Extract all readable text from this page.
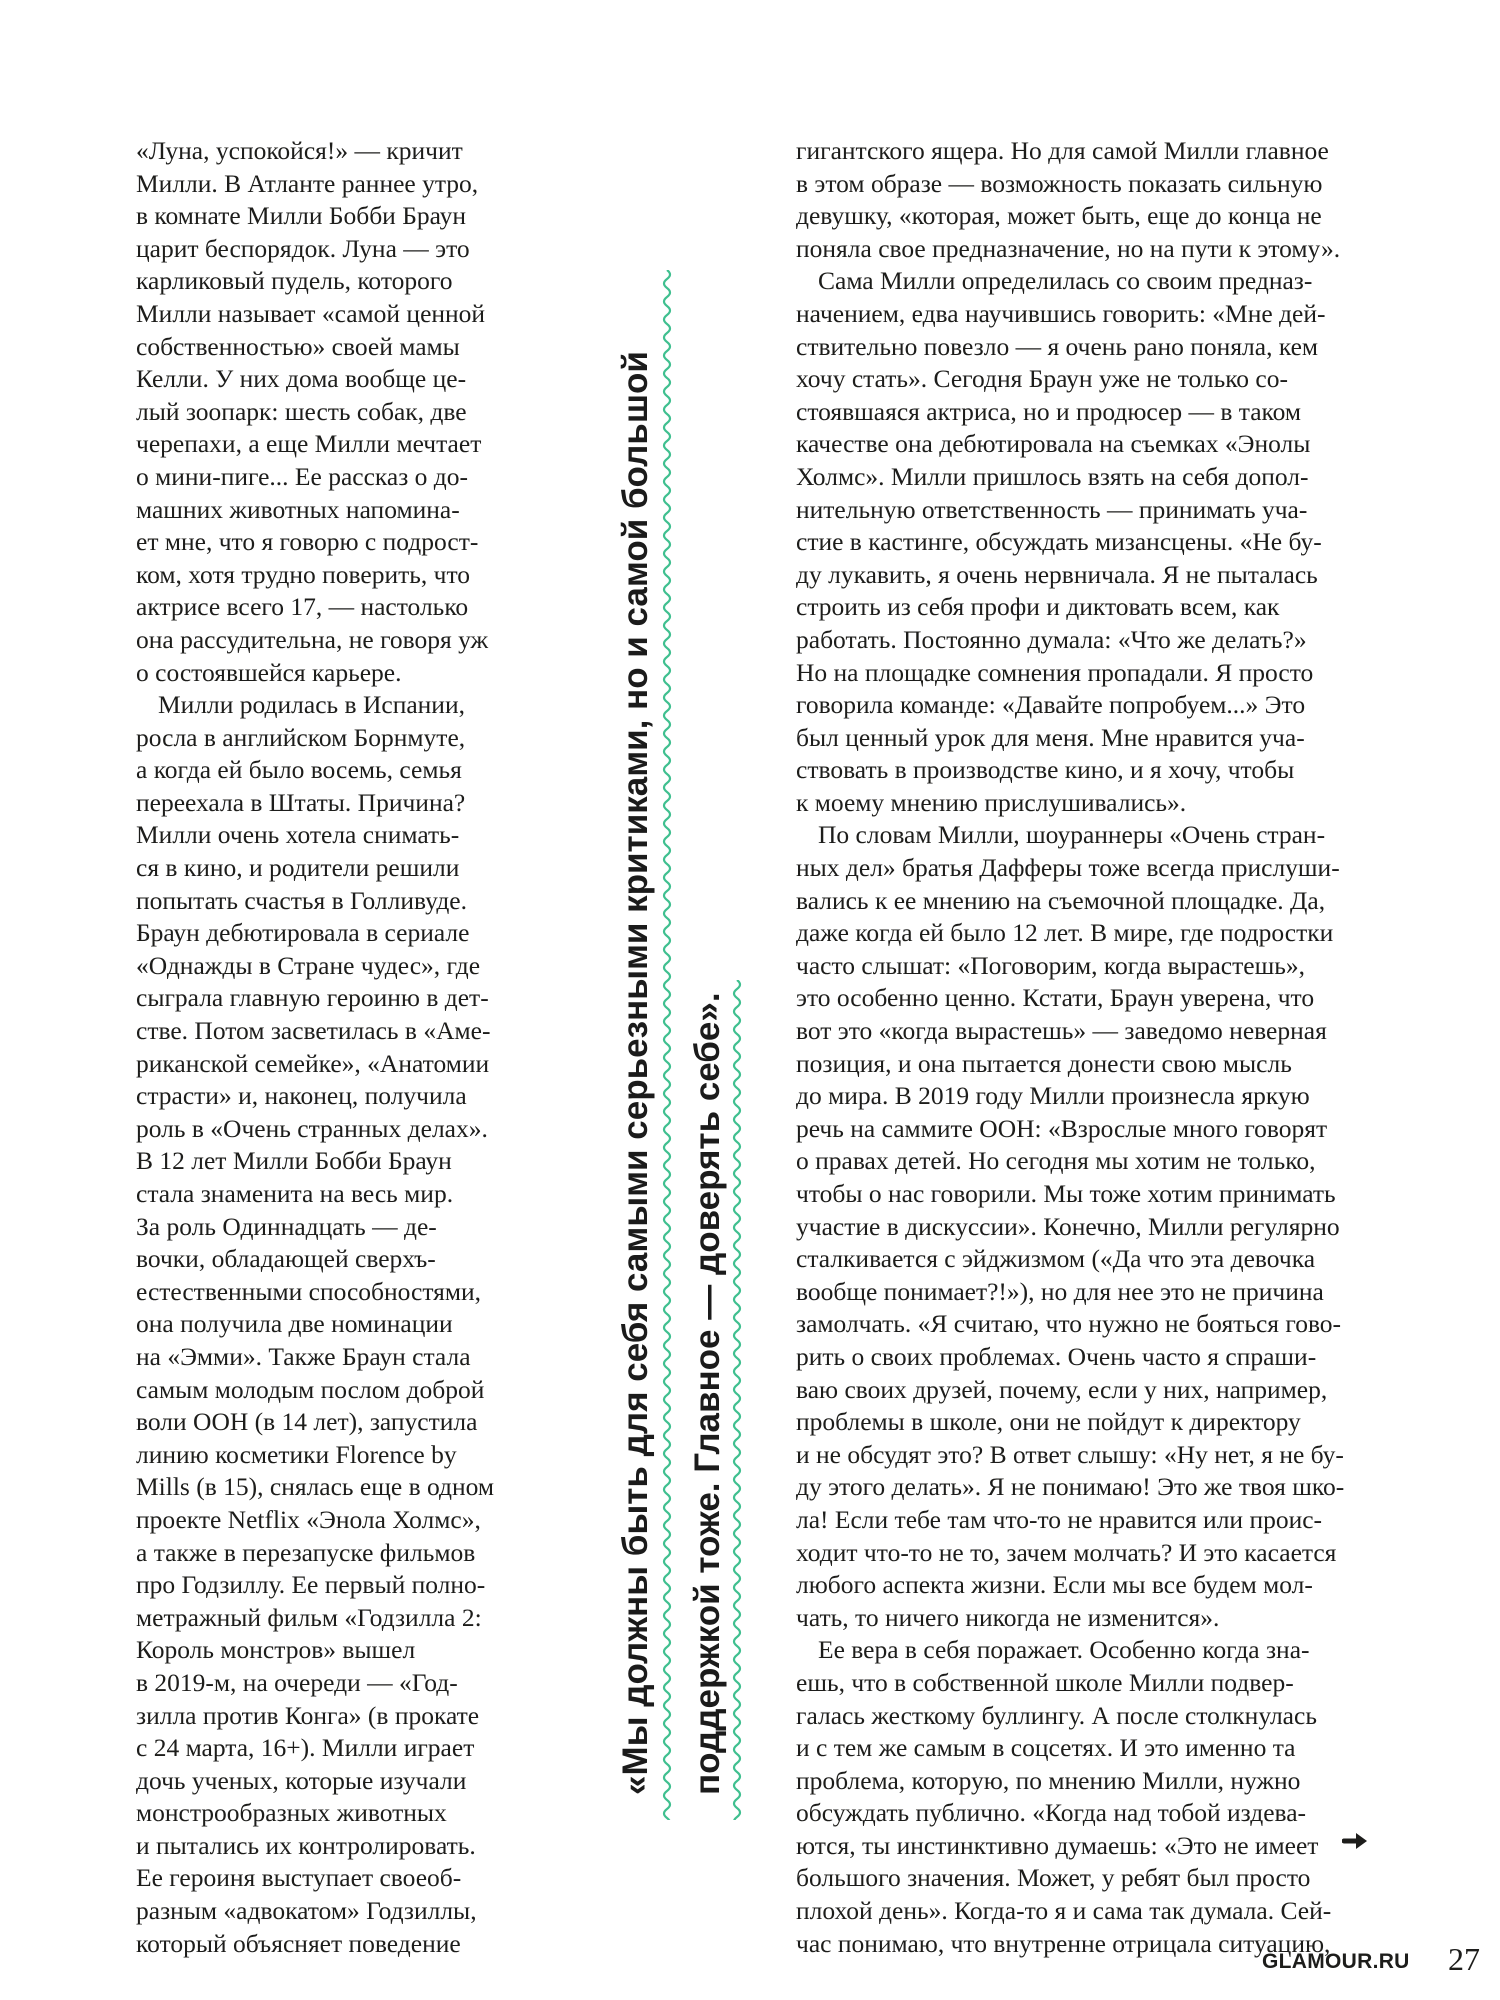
«Луна, успокойся!» — кричит
Милли. В Атланте раннее утро,
в комнате Милли Бобби Браун
царит беспорядок. Луна — это
карликовый пудель, которого
Милли называет «самой ценной
собственностью» своей мамы
Келли. У них дома вообще це-
лый зоопарк: шесть собак, две
черепахи, а еще Милли мечтает
о мини-пиге... Ее рассказ о до-
машних животных напомина-
ет мне, что я говорю с подрост-
ком, хотя трудно поверить, что
актрисе всего 17, — настолько
она рассудительна, не говоря уж
о состоявшейся карьере.
Милли родилась в Испании,
росла в английском Борнмуте,
а когда ей было восемь, семья
переехала в Штаты. Причина?
Милли очень хотела снимать-
ся в кино, и родители решили
попытать счастья в Голливуде.
Браун дебютировала в сериале
«Однажды в Стране чудес», где
сыграла главную героиню в дет-
стве. Потом засветилась в «Аме-
риканской семейке», «Анатомии
страсти» и, наконец, получила
роль в «Очень странных делах».
В 12 лет Милли Бобби Браун
стала знаменита на весь мир.
За роль Одиннадцать — де-
вочки, обладающей сверхъ-
естественными способностями,
она получила две номинации
на «Эмми». Также Браун стала
самым молодым послом доброй
воли ООН (в 14 лет), запустила
линию косметики Florence by
Mills (в 15), снялась еще в одном
проекте Netflix «Энола Холмс»,
а также в перезапуске фильмов
про Годзиллу. Ее первый полно-
метражный фильм «Годзилла 2:
Король монстров» вышел
в 2019-м, на очереди — «Год-
зилла против Конга» (в прокате
с 24 марта, 16+). Милли играет
дочь ученых, которые изучали
монстрообразных животных
и пытались их контролировать.
Ее героиня выступает своеоб-
разным «адвокатом» Годзиллы,
который объясняет поведение
гигантского ящера. Но для самой Милли главное
в этом образе — возможность показать сильную
девушку, «которая, может быть, еще до конца не
поняла свое предназначение, но на пути к этому».
Сама Милли определилась со своим предназ-
начением, едва научившись говорить: «Мне дей-
ствительно повезло — я очень рано поняла, кем
хочу стать». Сегодня Браун уже не только со-
стоявшаяся актриса, но и продюсер — в таком
качестве она дебютировала на съемках «Энолы
Холмс». Милли пришлось взять на себя допол-
нительную ответственность — принимать уча-
стие в кастинге, обсуждать мизансцены. «Не бу-
ду лукавить, я очень нервничала. Я не пыталась
строить из себя профи и диктовать всем, как
работать. Постоянно думала: «Что же делать?»
Но на площадке сомнения пропадали. Я просто
говорила команде: «Давайте попробуем...» Это
был ценный урок для меня. Мне нравится уча-
ствовать в производстве кино, и я хочу, чтобы
к моему мнению прислушивались».
По словам Милли, шоураннеры «Очень стран-
ных дел» братья Дафферы тоже всегда прислуши-
вались к ее мнению на съемочной площадке. Да,
даже когда ей было 12 лет. В мире, где подростки
часто слышат: «Поговорим, когда вырастешь»,
это особенно ценно. Кстати, Браун уверена, что
вот это «когда вырастешь» — заведомо неверная
позиция, и она пытается донести свою мысль
до мира. В 2019 году Милли произнесла яркую
речь на саммите ООН: «Взрослые много говорят
о правах детей. Но сегодня мы хотим не только,
чтобы о нас говорили. Мы тоже хотим принимать
участие в дискуссии». Конечно, Милли регулярно
сталкивается с эйджизмом («Да что эта девочка
вообще понимает?!»), но для нее это не причина
замолчать. «Я считаю, что нужно не бояться гово-
рить о своих проблемах. Очень часто я спраши-
ваю своих друзей, почему, если у них, например,
проблемы в школе, они не пойдут к директору
и не обсудят это? В ответ слышу: «Ну нет, я не бу-
ду этого делать». Я не понимаю! Это же твоя шко-
ла! Если тебе там что-то не нравится или проис-
ходит что-то не то, зачем молчать? И это касается
любого аспекта жизни. Если мы все будем мол-
чать, то ничего никогда не изменится».
Ее вера в себя поражает. Особенно когда зна-
ешь, что в собственной школе Милли подвер-
галась жесткому буллингу. А после столкнулась
и с тем же самым в соцсетях. И это именно та
проблема, которую, по мнению Милли, нужно
обсуждать публично. «Когда над тобой издева-
ются, ты инстинктивно думаешь: «Это не имеет
большого значения. Может, у ребят был просто
плохой день». Когда-то я и сама так думала. Сей-
час понимаю, что внутренне отрицала ситуацию,
«Мы должны быть для себя самыми серьезными критиками, но и самой большой поддержкой тоже. Главное — доверять себе».
GLAMOUR.RU 27
